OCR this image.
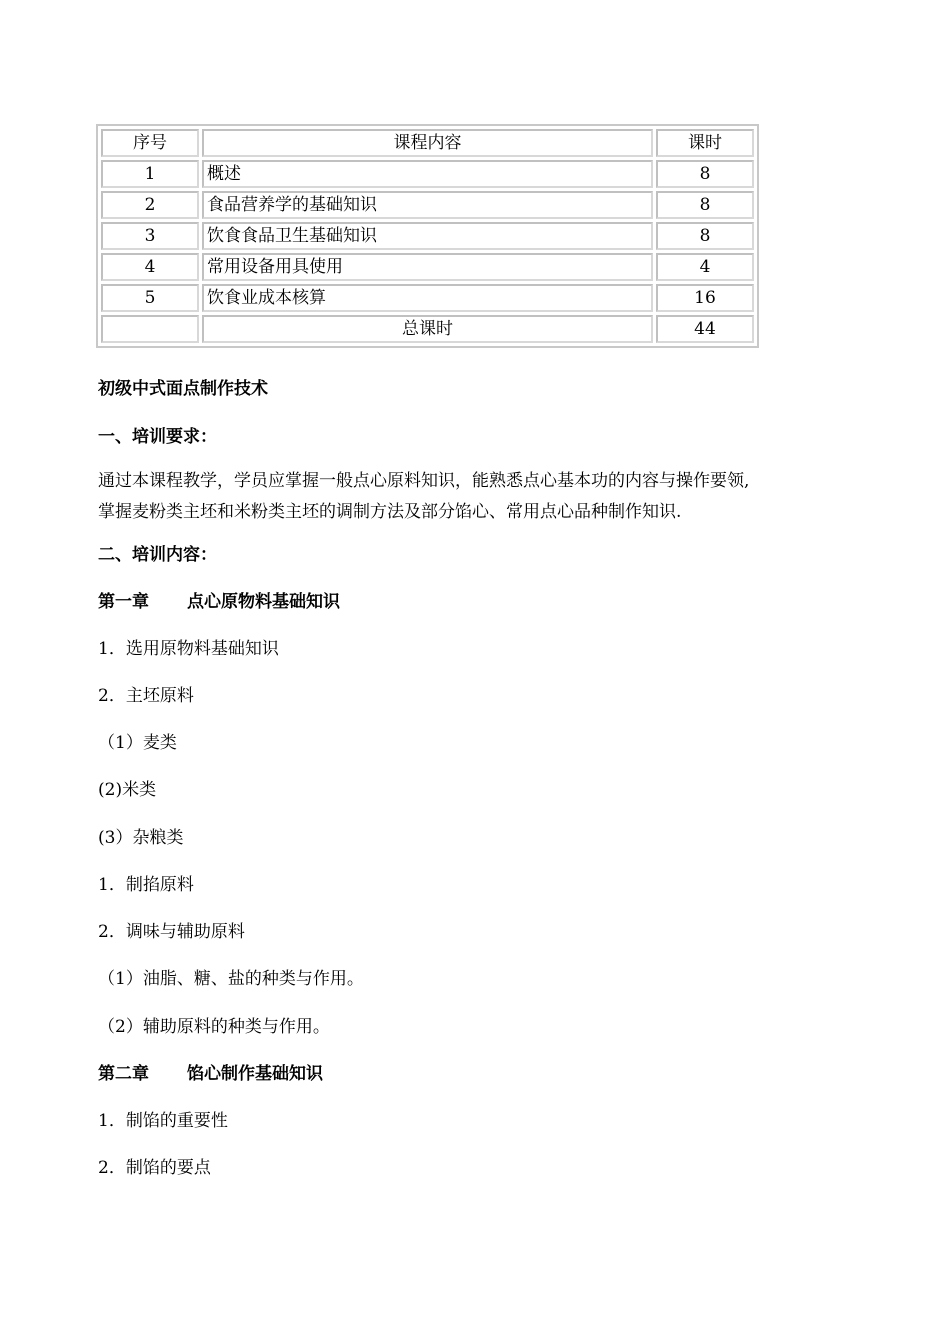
序号	课程内容	课时
1	概述	8
2	食品营养学的基础知识	8
3	饮食食品卫生基础知识	8
4	常用设备用具使用	4
5	饮食业成本核算	16
	总课时	44
初级中式面点制作技术
一、培训要求：
通过本课程教学，学员应掌握一般点心原料知识，能熟悉点心基本功的内容与操作要领,
掌握麦粉类主坯和米粉类主坯的调制方法及部分馅心、常用点心品种制作知识.
二、培训内容：
第一章 点心原物料基础知识
1．选用原物料基础知识
2．主坯原料
（1）麦类
(2)米类
(3）杂粮类
1．制掐原料
2．调味与辅助原料
（1）油脂、糖、盐的种类与作用。
（2）辅助原料的种类与作用。
第二章 馅心制作基础知识
1．制馅的重要性
2．制馅的要点
